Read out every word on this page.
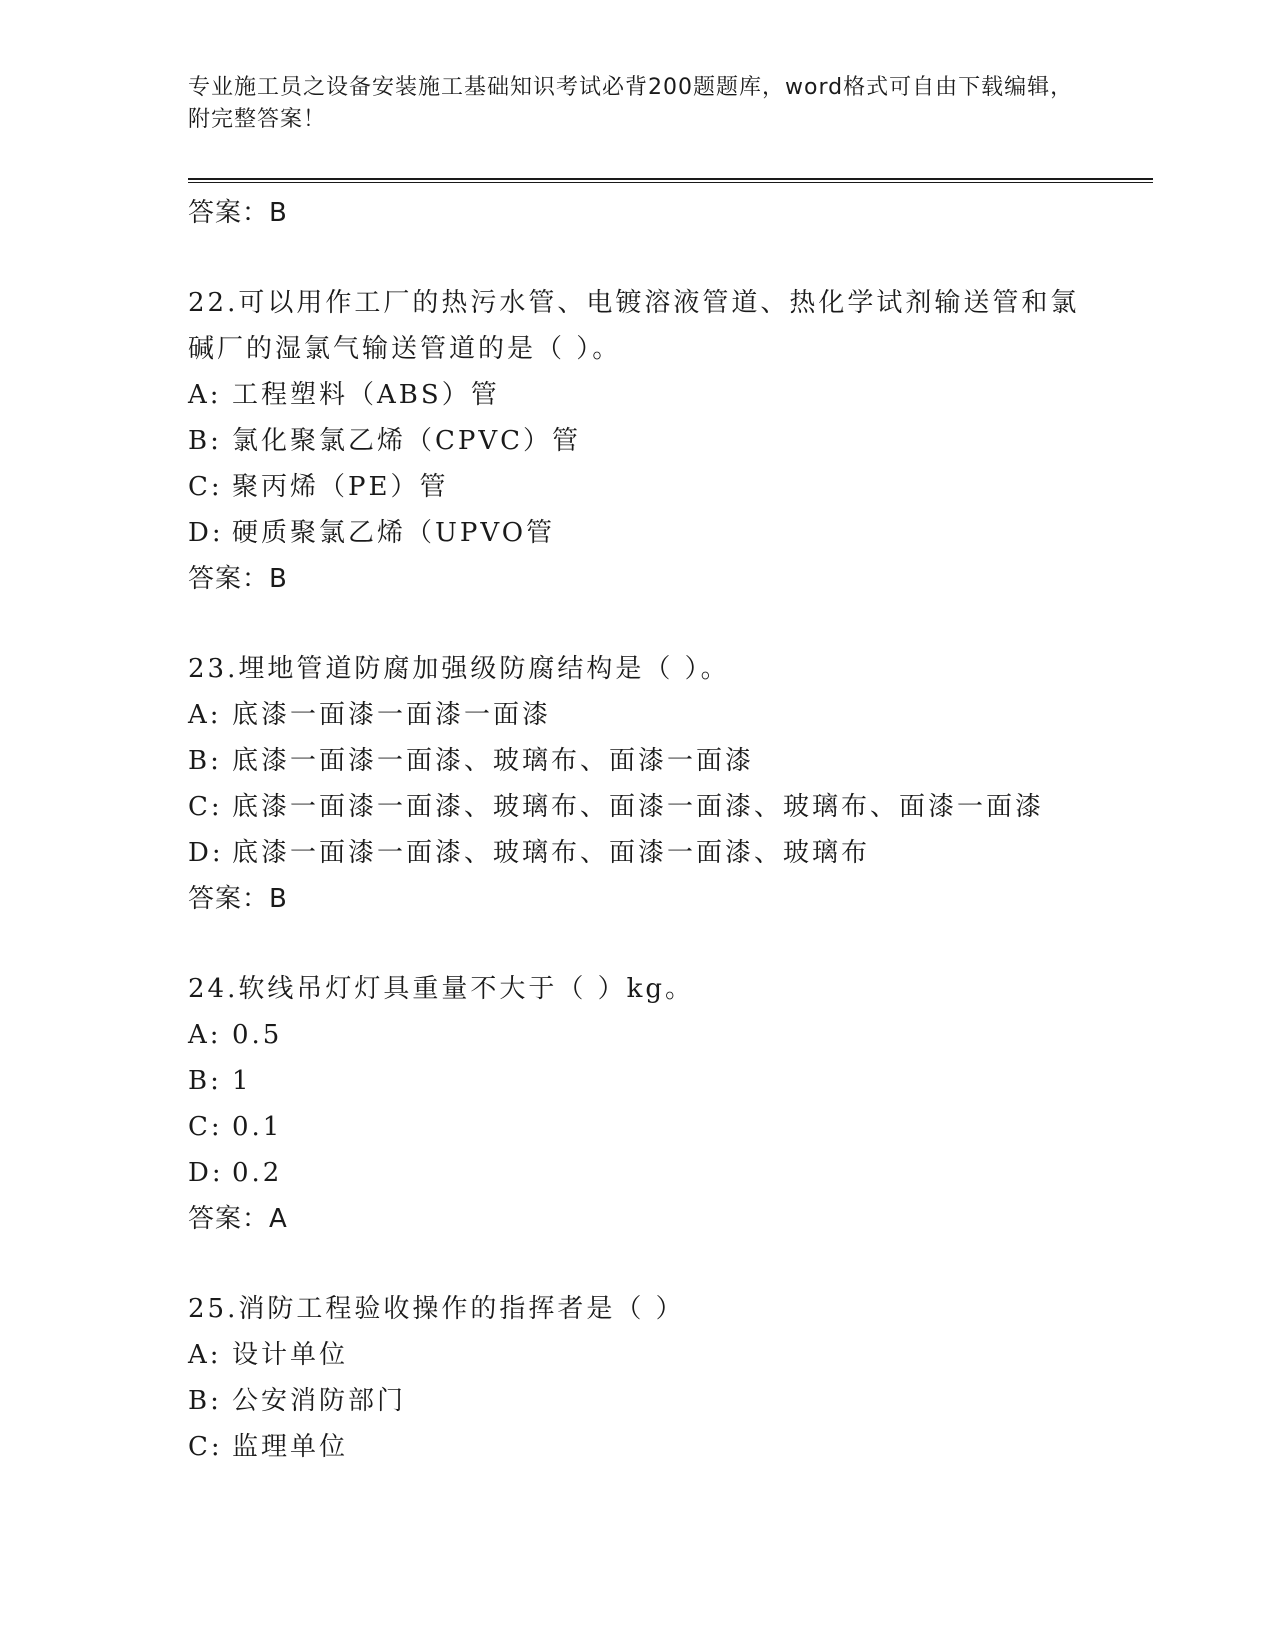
专业施工员之设备安装施工基础知识考试必背200题题库，word格式可自由下载编辑，附完整答案！
答案：B
22.可以用作工厂的热污水管、电镀溶液管道、热化学试剂输送管和氯
碱厂的湿氯气输送管道的是（ ）。
A: 工程塑料（ABS）管
B: 氯化聚氯乙烯（CPVC）管
C: 聚丙烯（PE）管
D: 硬质聚氯乙烯（UPVO管
答案：B
23.埋地管道防腐加强级防腐结构是（ ）。
A: 底漆一面漆一面漆一面漆
B: 底漆一面漆一面漆、玻璃布、面漆一面漆
C: 底漆一面漆一面漆、玻璃布、面漆一面漆、玻璃布、面漆一面漆
D: 底漆一面漆一面漆、玻璃布、面漆一面漆、玻璃布
答案：B
24.软线吊灯灯具重量不大于（ ）kg。
A: 0.5
B: 1
C: 0.1
D: 0.2
答案：A
25.消防工程验收操作的指挥者是（ ）
A: 设计单位
B: 公安消防部门
C: 监理单位
